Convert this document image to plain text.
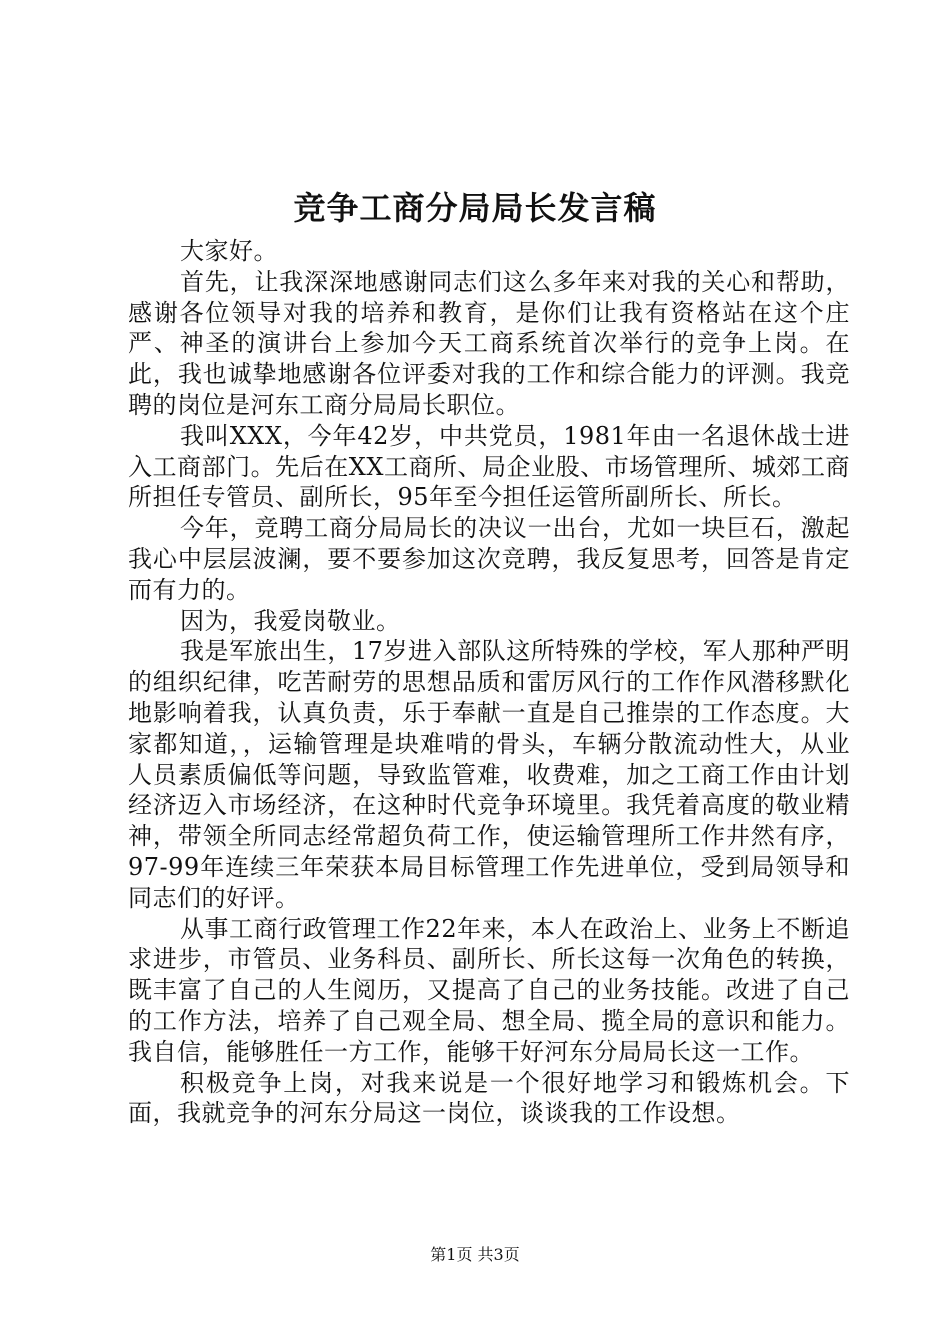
竞争工商分局局长发言稿

大家好。

首先，让我深深地感谢同志们这么多年来对我的关心和帮助，感谢各位领导对我的培养和教育，是你们让我有资格站在这个庄严、神圣的演讲台上参加今天工商系统首次举行的竞争上岗。在此，我也诚挚地感谢各位评委对我的工作和综合能力的评测。我竞聘的岗位是河东工商分局局长职位。

我叫XXX，今年42岁，中共党员，1981年由一名退休战士进入工商部门。先后在XX工商所、局企业股、市场管理所、城郊工商所担任专管员、副所长，95年至今担任运管所副所长、所长。

今年，竞聘工商分局局长的决议一出台，尤如一块巨石，激起我心中层层波澜，要不要参加这次竞聘，我反复思考，回答是肯定而有力的。

因为，我爱岗敬业。

我是军旅出生，17岁进入部队这所特殊的学校，军人那种严明的组织纪律，吃苦耐劳的思想品质和雷厉风行的工作作风潜移默化地影响着我，认真负责，乐于奉献一直是自己推崇的工作态度。大家都知道，，运输管理是块难啃的骨头，车辆分散流动性大，从业人员素质偏低等问题，导致监管难，收费难，加之工商工作由计划经济迈入市场经济，在这种时代竞争环境里。我凭着高度的敬业精神，带领全所同志经常超负荷工作，使运输管理所工作井然有序，97-99年连续三年荣获本局目标管理工作先进单位，受到局领导和同志们的好评。

从事工商行政管理工作22年来，本人在政治上、业务上不断追求进步，市管员、业务科员、副所长、所长这每一次角色的转换，既丰富了自己的人生阅历，又提高了自己的业务技能。改进了自己的工作方法，培养了自己观全局、想全局、揽全局的意识和能力。我自信，能够胜任一方工作，能够干好河东分局局长这一工作。

积极竞争上岗，对我来说是一个很好地学习和锻炼机会。下面，我就竞争的河东分局这一岗位，谈谈我的工作设想。

第1页 共3页
